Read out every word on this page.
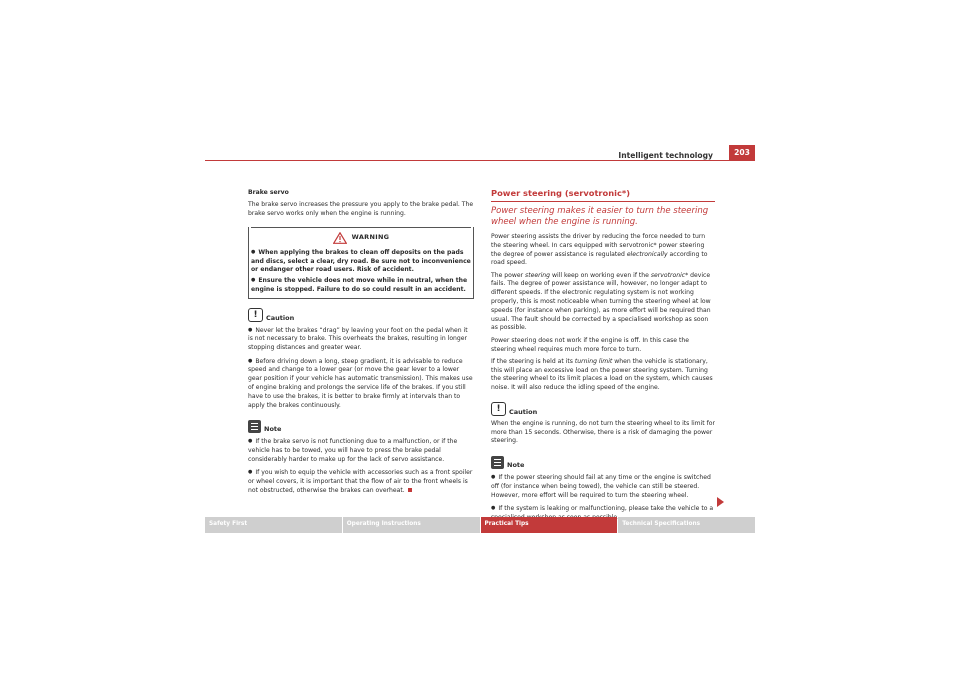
Intelligent technology	203

Brake servo

The brake servo increases the pressure you apply to the brake pedal. The brake servo works only when the engine is running.

WARNING

● When applying the brakes to clean off deposits on the pads and discs, select a clear, dry road. Be sure not to inconvenience or endanger other road users. Risk of accident.

● Ensure the vehicle does not move while in neutral, when the engine is stopped. Failure to do so could result in an accident.

!	Caution

● Never let the brakes “drag” by leaving your foot on the pedal when it is not necessary to brake. This overheats the brakes, resulting in longer stopping distances and greater wear.

● Before driving down a long, steep gradient, it is advisable to reduce speed and change to a lower gear (or move the gear lever to a lower gear position if your vehicle has automatic transmission). This makes use of engine braking and prolongs the service life of the brakes. If you still have to use the brakes, it is better to brake firmly at intervals than to apply the brakes continuously.

Note

● If the brake servo is not functioning due to a malfunction, or if the vehicle has to be towed, you will have to press the brake pedal considerably harder to make up for the lack of servo assistance.

● If you wish to equip the vehicle with accessories such as a front spoiler or wheel covers, it is important that the flow of air to the front wheels is not obstructed, otherwise the brakes can overheat.

Power steering (servotronic*)
Power steering makes it easier to turn the steering wheel when the engine is running.

Power steering assists the driver by reducing the force needed to turn the steering wheel. In cars equipped with servotronic* power steering the degree of power assistance is regulated electronically according to road speed.

The power steering will keep on working even if the servotronic* device fails. The degree of power assistance will, however, no longer adapt to different speeds. If the electronic regulating system is not working properly, this is most noticeable when turning the steering wheel at low speeds (for instance when parking), as more effort will be required than usual. The fault should be corrected by a specialised workshop as soon as possible.

Power steering does not work if the engine is off. In this case the steering wheel requires much more force to turn.

If the steering is held at its turning limit when the vehicle is stationary, this will place an excessive load on the power steering system. Turning the steering wheel to its limit places a load on the system, which causes noise. It will also reduce the idling speed of the engine.

!	Caution

When the engine is running, do not turn the steering wheel to its limit for more than 15 seconds. Otherwise, there is a risk of damaging the power steering.

Note

● If the power steering should fail at any time or the engine is switched off (for instance when being towed), the vehicle can still be steered. However, more effort will be required to turn the steering wheel.

● If the system is leaking or malfunctioning, please take the vehicle to a

Safety First	Operating Instructions	Practical Tips	Technical Specifications
